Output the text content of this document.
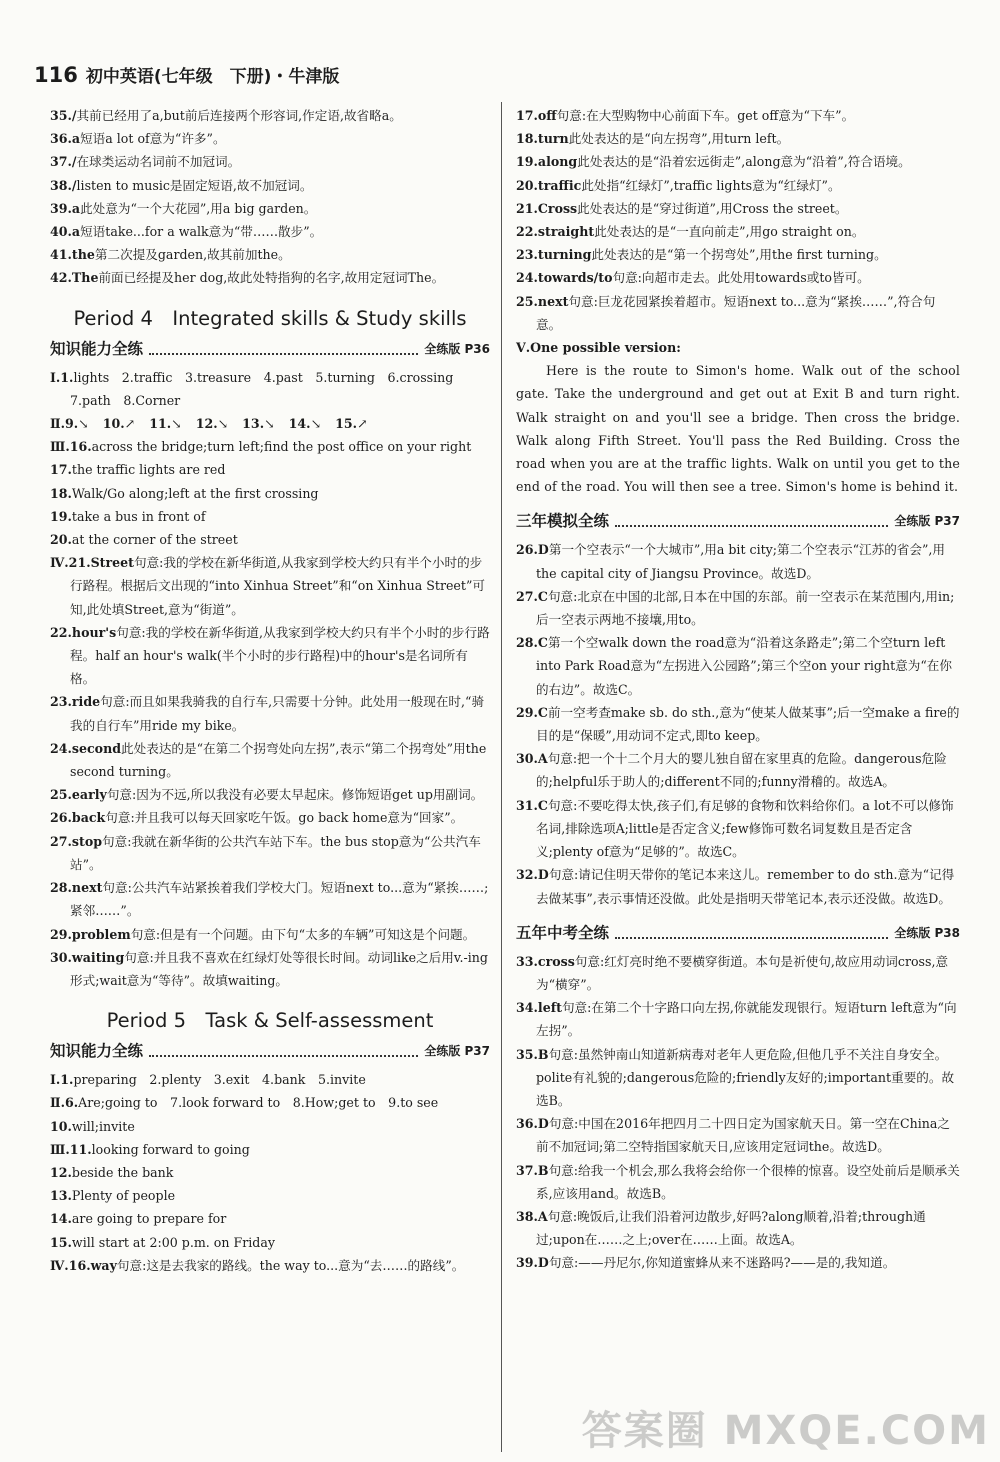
116 初中英语(七年级　下册)・牛津版

35./其前已经用了a,but前后连接两个形容词,作定语,故省略a。

36.a短语a lot of意为“许多”。

37./在球类运动名词前不加冠词。

38./listen to music是固定短语,故不加冠词。

39.a此处意为“一个大花园”,用a big garden。

40.a短语take...for a walk意为“带……散步”。

41.the第二次提及garden,故其前加the。

42.The前面已经提及her dog,故此处特指狗的名字,故用定冠词The。

Period 4　Integrated skills & Study skills
知识能力全练	全练版 P36

Ⅰ.1.lights　2.traffic　3.treasure　4.past　5.turning　6.crossing　7.path　8.Corner

Ⅱ.9.↘ 10.↗ 11.↘ 12.↘ 13.↘ 14.↘ 15.↗

Ⅲ.16.across the bridge;turn left;find the post office on your right

17.the traffic lights are red

18.Walk/Go along;left at the first crossing

19.take a bus in front of

20.at the corner of the street

Ⅳ.21.Street句意:我的学校在新华街道,从我家到学校大约只有半个小时的步行路程。根据后文出现的“into Xinhua Street”和“on Xinhua Street”可知,此处填Street,意为“街道”。

22.hour's句意:我的学校在新华街道,从我家到学校大约只有半个小时的步行路程。half an hour's walk(半个小时的步行路程)中的hour's是名词所有格。

23.ride句意:而且如果我骑我的自行车,只需要十分钟。此处用一般现在时,“骑我的自行车”用ride my bike。

24.second此处表达的是“在第二个拐弯处向左拐”,表示“第二个拐弯处”用the second turning。

25.early句意:因为不远,所以我没有必要太早起床。修饰短语get up用副词。

26.back句意:并且我可以每天回家吃午饭。go back home意为“回家”。

27.stop句意:我就在新华街的公共汽车站下车。the bus stop意为“公共汽车站”。

28.next句意:公共汽车站紧挨着我们学校大门。短语next to...意为“紧挨……;紧邻……”。

29.problem句意:但是有一个问题。由下句“太多的车辆”可知这是个问题。

30.waiting句意:并且我不喜欢在红绿灯处等很长时间。动词like之后用v.-ing形式;wait意为“等待”。故填waiting。

Period 5　Task & Self-assessment
知识能力全练	全练版 P37

Ⅰ.1.preparing　2.plenty　3.exit　4.bank　5.invite

Ⅱ.6.Are;going to　7.look forward to　8.How;get to　9.to see

10.will;invite

Ⅲ.11.looking forward to going

12.beside the bank

13.Plenty of people

14.are going to prepare for

15.will start at 2:00 p.m. on Friday

Ⅳ.16.way句意:这是去我家的路线。the way to...意为“去……的路线”。

17.off句意:在大型购物中心前面下车。get off意为“下车”。

18.turn此处表达的是“向左拐弯”,用turn left。

19.along此处表达的是“沿着宏远街走”,along意为“沿着”,符合语境。

20.traffic此处指“红绿灯”,traffic lights意为“红绿灯”。

21.Cross此处表达的是“穿过街道”,用Cross the street。

22.straight此处表达的是“一直向前走”,用go straight on。

23.turning此处表达的是“第一个拐弯处”,用the first turning。

24.towards/to句意:向超市走去。此处用towards或to皆可。

25.next句意:巨龙花园紧挨着超市。短语next to...意为“紧挨……”,符合句意。

Ⅴ.One possible version:

Here is the route to Simon's home. Walk out of the school gate. Take the underground and get out at Exit B and turn right. Walk straight on and you'll see a bridge. Then cross the bridge. Walk along Fifth Street. You'll pass the Red Building. Cross the road when you are at the traffic lights. Walk on until you get to the end of the road. You will then see a tree. Simon's home is behind it.

三年模拟全练	全练版 P37

26.D第一个空表示“一个大城市”,用a bit city;第二个空表示“江苏的省会”,用the capital city of Jiangsu Province。故选D。

27.C句意:北京在中国的北部,日本在中国的东部。前一空表示在某范围内,用in;后一空表示两地不接壤,用to。

28.C第一个空walk down the road意为“沿着这条路走”;第二个空turn left into Park Road意为“左拐进入公园路”;第三个空on your right意为“在你的右边”。故选C。

29.C前一空考查make sb. do sth.,意为“使某人做某事”;后一空make a fire的目的是“保暖”,用动词不定式,即to keep。

30.A句意:把一个十二个月大的婴儿独自留在家里真的危险。dangerous危险的;helpful乐于助人的;different不同的;funny滑稽的。故选A。

31.C句意:不要吃得太快,孩子们,有足够的食物和饮料给你们。a lot不可以修饰名词,排除选项A;little是否定含义;few修饰可数名词复数且是否定含义;plenty of意为“足够的”。故选C。

32.D句意:请记住明天带你的笔记本来这儿。remember to do sth.意为“记得去做某事”,表示事情还没做。此处是指明天带笔记本,表示还没做。故选D。

五年中考全练	全练版 P38

33.cross句意:红灯亮时绝不要横穿街道。本句是祈使句,故应用动词cross,意为“横穿”。

34.left句意:在第二个十字路口向左拐,你就能发现银行。短语turn left意为“向左拐”。

35.B句意:虽然钟南山知道新病毒对老年人更危险,但他几乎不关注自身安全。polite有礼貌的;dangerous危险的;friendly友好的;important重要的。故选B。

36.D句意:中国在2016年把四月二十四日定为国家航天日。第一空在China之前不加冠词;第二空特指国家航天日,应该用定冠词the。故选D。

37.B句意:给我一个机会,那么我将会给你一个很棒的惊喜。设空处前后是顺承关系,应该用and。故选B。

38.A句意:晚饭后,让我们沿着河边散步,好吗?along顺着,沿着;through通过;upon在……之上;over在……上面。故选A。

39.D句意:——丹尼尔,你知道蜜蜂从来不迷路吗?——是的,我知道。

答案圈 MXQE.COM
